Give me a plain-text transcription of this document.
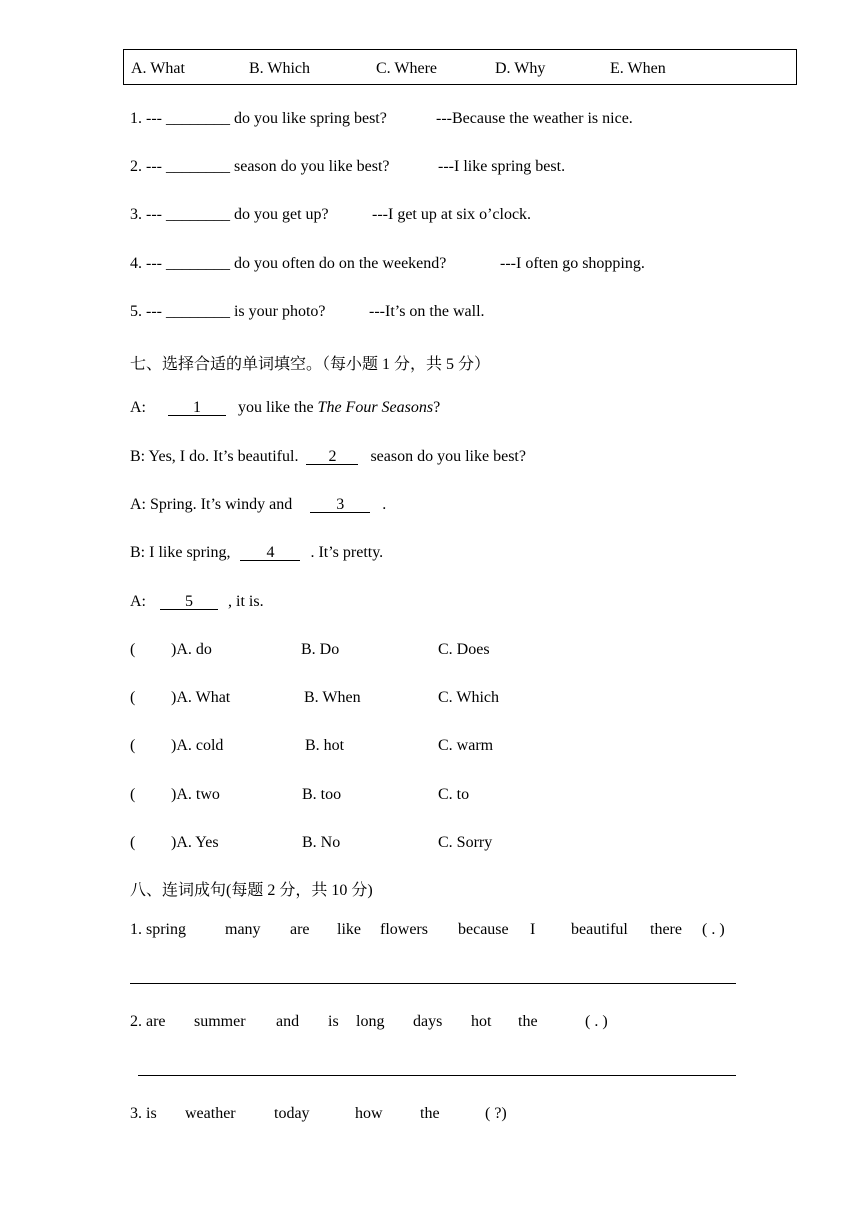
A. What	B. Which	C. Where	D. Why	E. When
1. --- ________ do you like spring best?	---Because the weather is nice.
2. --- ________ season do you like best?	---I like spring best.
3. --- ________ do you get up?	---I get up at six o’clock.
4. --- ________ do you often do on the weekend?	---I often go shopping.
5. --- ________ is your photo?	---It’s on the wall.
七、选择合适的单词填空。（每小题 1 分，共 5 分）
A:	1 you like the The Four Seasons?
B: Yes, I do. It’s beautiful. 2 season do you like best?
A: Spring. It’s windy and	3 .
B: I like spring, 4 . It’s pretty.
A: 5 , it is.
( )A. do	B. Do	C. Does
( )A. What	B. When	C. Which
( )A. cold	B. hot	C. warm
( )A. two	B. too	C. to
( )A. Yes	B. No	C. Sorry
八、连词成句(每题 2 分，共 10 分)
1. spring many are like flowers because I beautiful there ( . )
2. are summer and is long days hot the	( . )
3. is weather today	how the	( ?)
